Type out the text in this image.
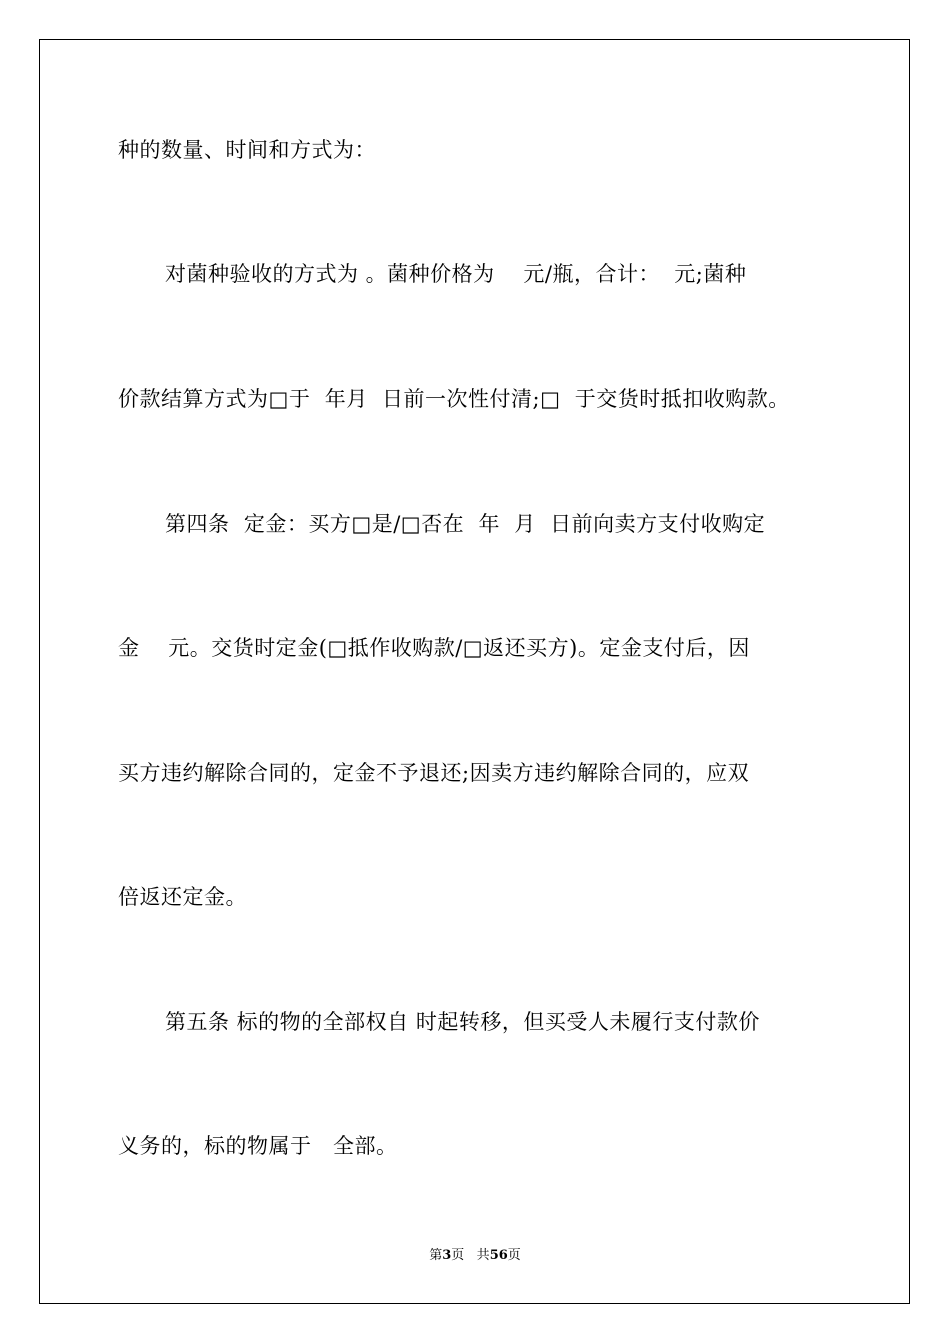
种的数量、时间和方式为：
对菌种验收的方式为 。菌种价格为    元/瓶，合计：  元;菌种
价款结算方式为□于  年月  日前一次性付清;□  于交货时抵扣收购款。
第四条  定金：买方□是/□否在  年  月  日前向卖方支付收购定
金    元。交货时定金(□抵作收购款/□返还买方)。定金支付后，因
买方违约解除合同的，定金不予退还;因卖方违约解除合同的，应双
倍返还定金。
第五条 标的物的全部权自 时起转移，但买受人未履行支付款价
义务的，标的物属于   全部。
第3页 共56页
